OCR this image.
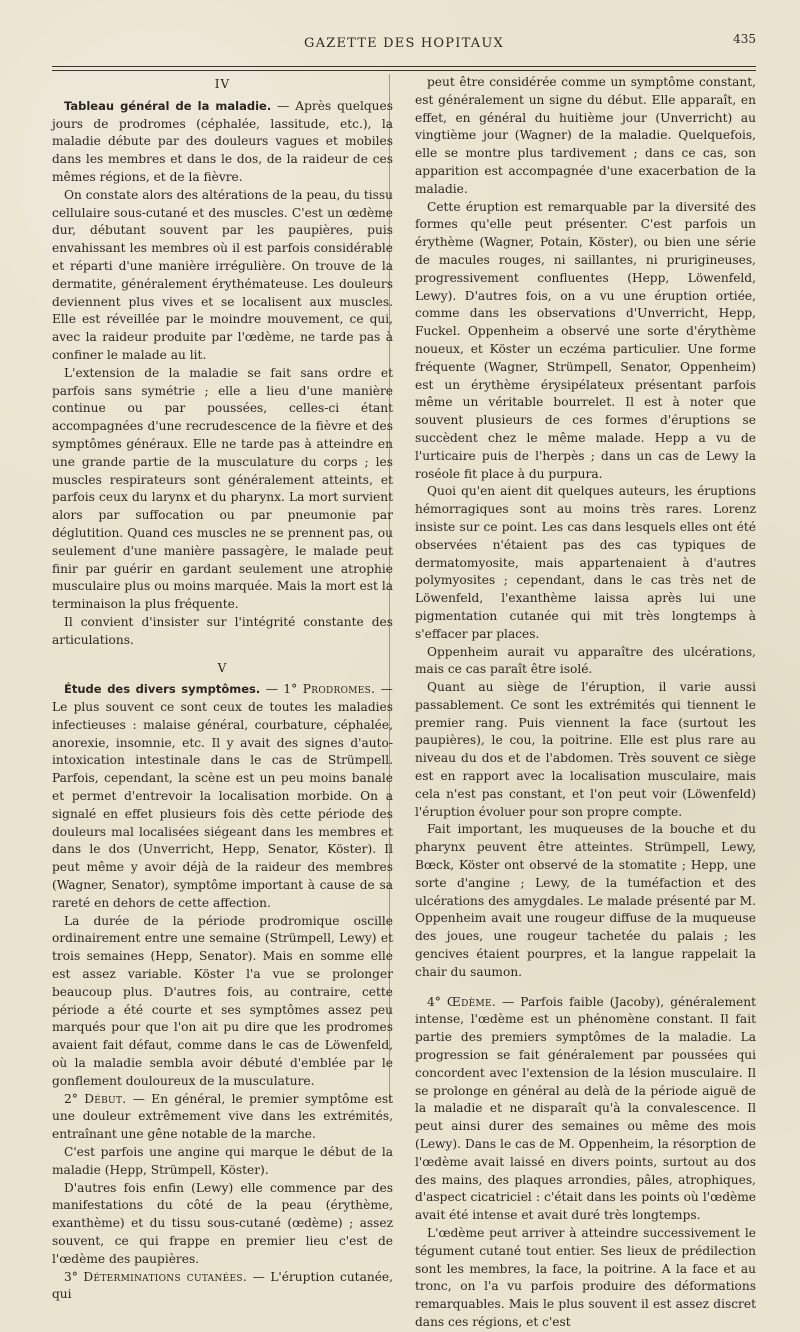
GAZETTE DES HOPITAUX	435
IV

Tableau général de la maladie. — Après quelques jours de prodromes (céphalée, lassitude, etc.), la maladie débute par des douleurs vagues et mobiles dans les membres et dans le dos, de la raideur de ces mêmes régions, et de la fièvre.

On constate alors des altérations de la peau, du tissu cellulaire sous-cutané et des muscles. C'est un œdème dur, débutant souvent par les paupières, puis envahissant les membres où il est parfois considérable et réparti d'une manière irrégulière. On trouve de la dermatite, généralement érythémateuse. Les douleurs deviennent plus vives et se localisent aux muscles. Elle est réveillée par le moindre mouvement, ce qui, avec la raideur produite par l'œdème, ne tarde pas à confiner le malade au lit.

L'extension de la maladie se fait sans ordre et parfois sans symétrie ; elle a lieu d'une manière continue ou par poussées, celles-ci étant accompagnées d'une recrudescence de la fièvre et des symptômes généraux. Elle ne tarde pas à atteindre en une grande partie de la musculature du corps ; les muscles respirateurs sont généralement atteints, et parfois ceux du larynx et du pharynx. La mort survient alors par suffocation ou par pneumonie par déglutition. Quand ces muscles ne se prennent pas, ou seulement d'une manière passagère, le malade peut finir par guérir en gardant seulement une atrophie musculaire plus ou moins marquée. Mais la mort est la terminaison la plus fréquente.

Il convient d'insister sur l'intégrité constante des articulations.

V

Étude des divers symptômes. — 1° Prodromes. — Le plus souvent ce sont ceux de toutes les maladies infectieuses : malaise général, courbature, céphalée, anorexie, insomnie, etc. Il y avait des signes d'auto-intoxication intestinale dans le cas de Strümpell. Parfois, cependant, la scène est un peu moins banale et permet d'entrevoir la localisation morbide. On a signalé en effet plusieurs fois dès cette période des douleurs mal localisées siégeant dans les membres et dans le dos (Unverricht, Hepp, Senator, Köster). Il peut même y avoir déjà de la raideur des membres (Wagner, Senator), symptôme important à cause de sa rareté en dehors de cette affection.

La durée de la période prodromique oscille ordinairement entre une semaine (Strümpell, Lewy) et trois semaines (Hepp, Senator). Mais en somme elle est assez variable. Köster l'a vue se prolonger beaucoup plus. D'autres fois, au contraire, cette période a été courte et ses symptômes assez peu marqués pour que l'on ait pu dire que les prodromes avaient fait défaut, comme dans le cas de Löwenfeld, où la maladie sembla avoir débuté d'emblée par le gonflement douloureux de la musculature.

2° Début. — En général, le premier symptôme est une douleur extrêmement vive dans les extrémités, entraînant une gêne notable de la marche.

C'est parfois une angine qui marque le début de la maladie (Hepp, Strümpell, Köster).

D'autres fois enfin (Lewy) elle commence par des manifestations du côté de la peau (érythème, exanthème) et du tissu sous-cutané (œdème) ; assez souvent, ce qui frappe en premier lieu c'est de l'œdème des paupières.

3° Déterminations cutanées. — L'éruption cutanée, qui

peut être considérée comme un symptôme constant, est généralement un signe du début. Elle apparaît, en effet, en général du huitième jour (Unverricht) au vingtième jour (Wagner) de la maladie. Quelquefois, elle se montre plus tardivement ; dans ce cas, son apparition est accompagnée d'une exacerbation de la maladie.

Cette éruption est remarquable par la diversité des formes qu'elle peut présenter. C'est parfois un érythème (Wagner, Potain, Köster), ou bien une série de macules rouges, ni saillantes, ni prurigineuses, progressivement confluentes (Hepp, Löwenfeld, Lewy). D'autres fois, on a vu une éruption ortiée, comme dans les observations d'Unverricht, Hepp, Fuckel. Oppenheim a observé une sorte d'érythème noueux, et Köster un eczéma particulier. Une forme fréquente (Wagner, Strümpell, Senator, Oppenheim) est un érythème érysipélateux présentant parfois même un véritable bourrelet. Il est à noter que souvent plusieurs de ces formes d'éruptions se succèdent chez le même malade. Hepp a vu de l'urticaire puis de l'herpès ; dans un cas de Lewy la roséole fit place à du purpura.

Quoi qu'en aient dit quelques auteurs, les éruptions hémorragiques sont au moins très rares. Lorenz insiste sur ce point. Les cas dans lesquels elles ont été observées n'étaient pas des cas typiques de dermatomyosite, mais appartenaient à d'autres polymyosites ; cependant, dans le cas très net de Löwenfeld, l'exanthème laissa après lui une pigmentation cutanée qui mit très longtemps à s'effacer par places.

Oppenheim aurait vu apparaître des ulcérations, mais ce cas paraît être isolé.

Quant au siège de l'éruption, il varie aussi passablement. Ce sont les extrémités qui tiennent le premier rang. Puis viennent la face (surtout les paupières), le cou, la poitrine. Elle est plus rare au niveau du dos et de l'abdomen. Très souvent ce siège est en rapport avec la localisation musculaire, mais cela n'est pas constant, et l'on peut voir (Löwenfeld) l'éruption évoluer pour son propre compte.

Fait important, les muqueuses de la bouche et du pharynx peuvent être atteintes. Strümpell, Lewy, Bœck, Köster ont observé de la stomatite ; Hepp, une sorte d'angine ; Lewy, de la tuméfaction et des ulcérations des amygdales. Le malade présenté par M. Oppenheim avait une rougeur diffuse de la muqueuse des joues, une rougeur tachetée du palais ; les gencives étaient pourpres, et la langue rappelait la chair du saumon.

4° Œdème. — Parfois faible (Jacoby), généralement intense, l'œdème est un phénomène constant. Il fait partie des premiers symptômes de la maladie. La progression se fait généralement par poussées qui concordent avec l'extension de la lésion musculaire. Il se prolonge en général au delà de la période aiguë de la maladie et ne disparaît qu'à la convalescence. Il peut ainsi durer des semaines ou même des mois (Lewy). Dans le cas de M. Oppenheim, la résorption de l'œdème avait laissé en divers points, surtout au dos des mains, des plaques arrondies, pâles, atrophiques, d'aspect cicatriciel : c'était dans les points où l'œdème avait été intense et avait duré très longtemps.

L'œdème peut arriver à atteindre successivement le tégument cutané tout entier. Ses lieux de prédilection sont les membres, la face, la poitrine. A la face et au tronc, on l'a vu parfois produire des déformations remarquables. Mais le plus souvent il est assez discret dans ces régions, et c'est
